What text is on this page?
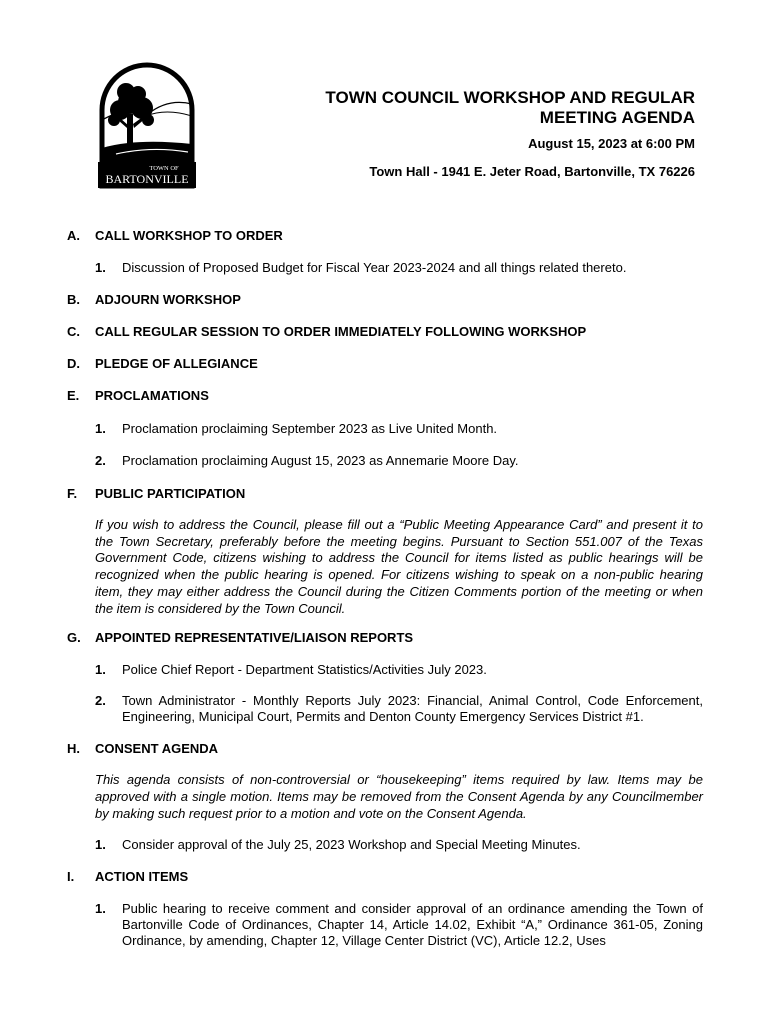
TOWN OF
BARTONVILLE

TOWN COUNCIL WORKSHOP AND REGULAR

MEETING AGENDA

August 15, 2023 at 6:00 PM

Town Hall - 1941 E. Jeter Road, Bartonville, TX 76226

A.	CALL WORKSHOP TO ORDER
1.	Discussion of Proposed Budget for Fiscal Year 2023-2024 and all things related thereto.
B.	ADJOURN WORKSHOP
C.	CALL REGULAR SESSION TO ORDER IMMEDIATELY FOLLOWING WORKSHOP
D.	PLEDGE OF ALLEGIANCE
E.	PROCLAMATIONS
1.	Proclamation proclaiming September 2023 as Live United Month.
2.	Proclamation proclaiming August 15, 2023 as Annemarie Moore Day.
F.	PUBLIC PARTICIPATION
If you wish to address the Council, please fill out a “Public Meeting Appearance Card” and present it to the Town Secretary, preferably before the meeting begins. Pursuant to Section 551.007 of the Texas Government Code, citizens wishing to address the Council for items listed as public hearings will be recognized when the public hearing is opened. For citizens wishing to speak on a non-public hearing item, they may either address the Council during the Citizen Comments portion of the meeting or when the item is considered by the Town Council.
G.	APPOINTED REPRESENTATIVE/LIAISON REPORTS
1.	Police Chief Report - Department Statistics/Activities July 2023.
2.	Town Administrator - Monthly Reports July 2023: Financial, Animal Control, Code Enforcement, Engineering, Municipal Court, Permits and Denton County Emergency Services District #1.
H.	CONSENT AGENDA
This agenda consists of non-controversial or “housekeeping” items required by law. Items may be approved with a single motion. Items may be removed from the Consent Agenda by any Councilmember by making such request prior to a motion and vote on the Consent Agenda.
1.	Consider approval of the July 25, 2023 Workshop and Special Meeting Minutes.
I.	ACTION ITEMS
1.	Public hearing to receive comment and consider approval of an ordinance amending the Town of Bartonville Code of Ordinances, Chapter 14, Article 14.02, Exhibit “A,” Ordinance 361-05, Zoning Ordinance, by amending, Chapter 12, Village Center District (VC), Article 12.2, Uses
